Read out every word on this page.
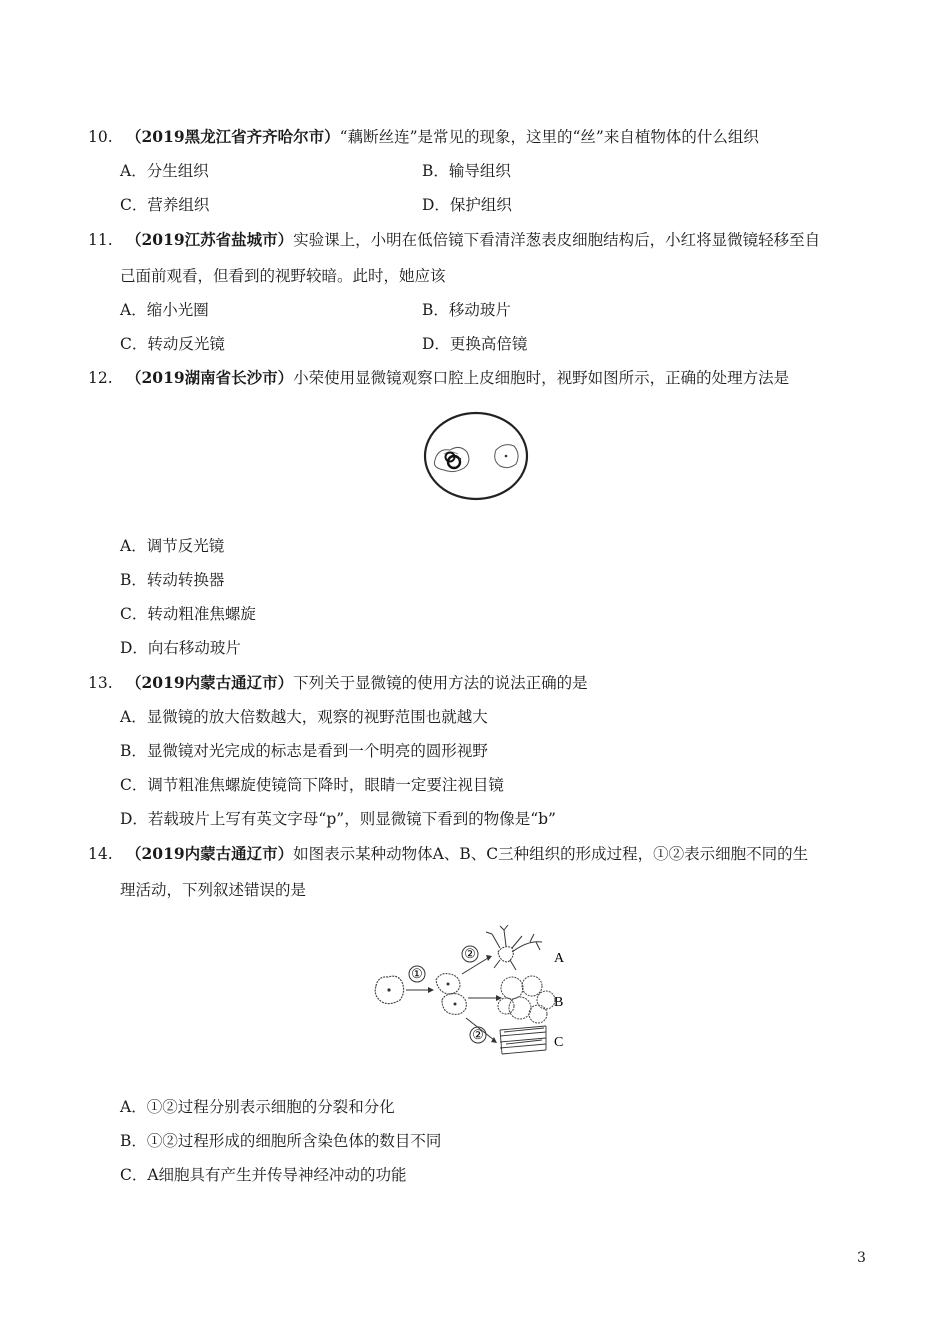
10. （2019黑龙江省齐齐哈尔市）“藕断丝连”是常见的现象，这里的“丝”来自植物体的什么组织
A．分生组织	B．输导组织
C．营养组织	D．保护组织
11. （2019江苏省盐城市）实验课上，小明在低倍镜下看清洋葱表皮细胞结构后，小红将显微镜轻移至自
己面前观看，但看到的视野较暗。此时，她应该
A．缩小光圈	B．移动玻片
C．转动反光镜	D．更换高倍镜
12. （2019湖南省长沙市）小荣使用显微镜观察口腔上皮细胞时，视野如图所示，正确的处理方法是
A．调节反光镜
B．转动转换器
C．转动粗准焦螺旋
D．向右移动玻片
13. （2019内蒙古通辽市）下列关于显微镜的使用方法的说法正确的是
A．显微镜的放大倍数越大，观察的视野范围也就越大
B．显微镜对光完成的标志是看到一个明亮的圆形视野
C．调节粗准焦螺旋使镜筒下降时，眼睛一定要注视目镜
D．若载玻片上写有英文字母“p”，则显微镜下看到的物像是“b”
14. （2019内蒙古通辽市）如图表示某种动物体A、B、C三种组织的形成过程，①②表示细胞不同的生
理活动，下列叙述错误的是
①
②
②
A
B
C
A．①②过程分别表示细胞的分裂和分化
B．①②过程形成的细胞所含染色体的数目不同
C．A细胞具有产生并传导神经冲动的功能
3
